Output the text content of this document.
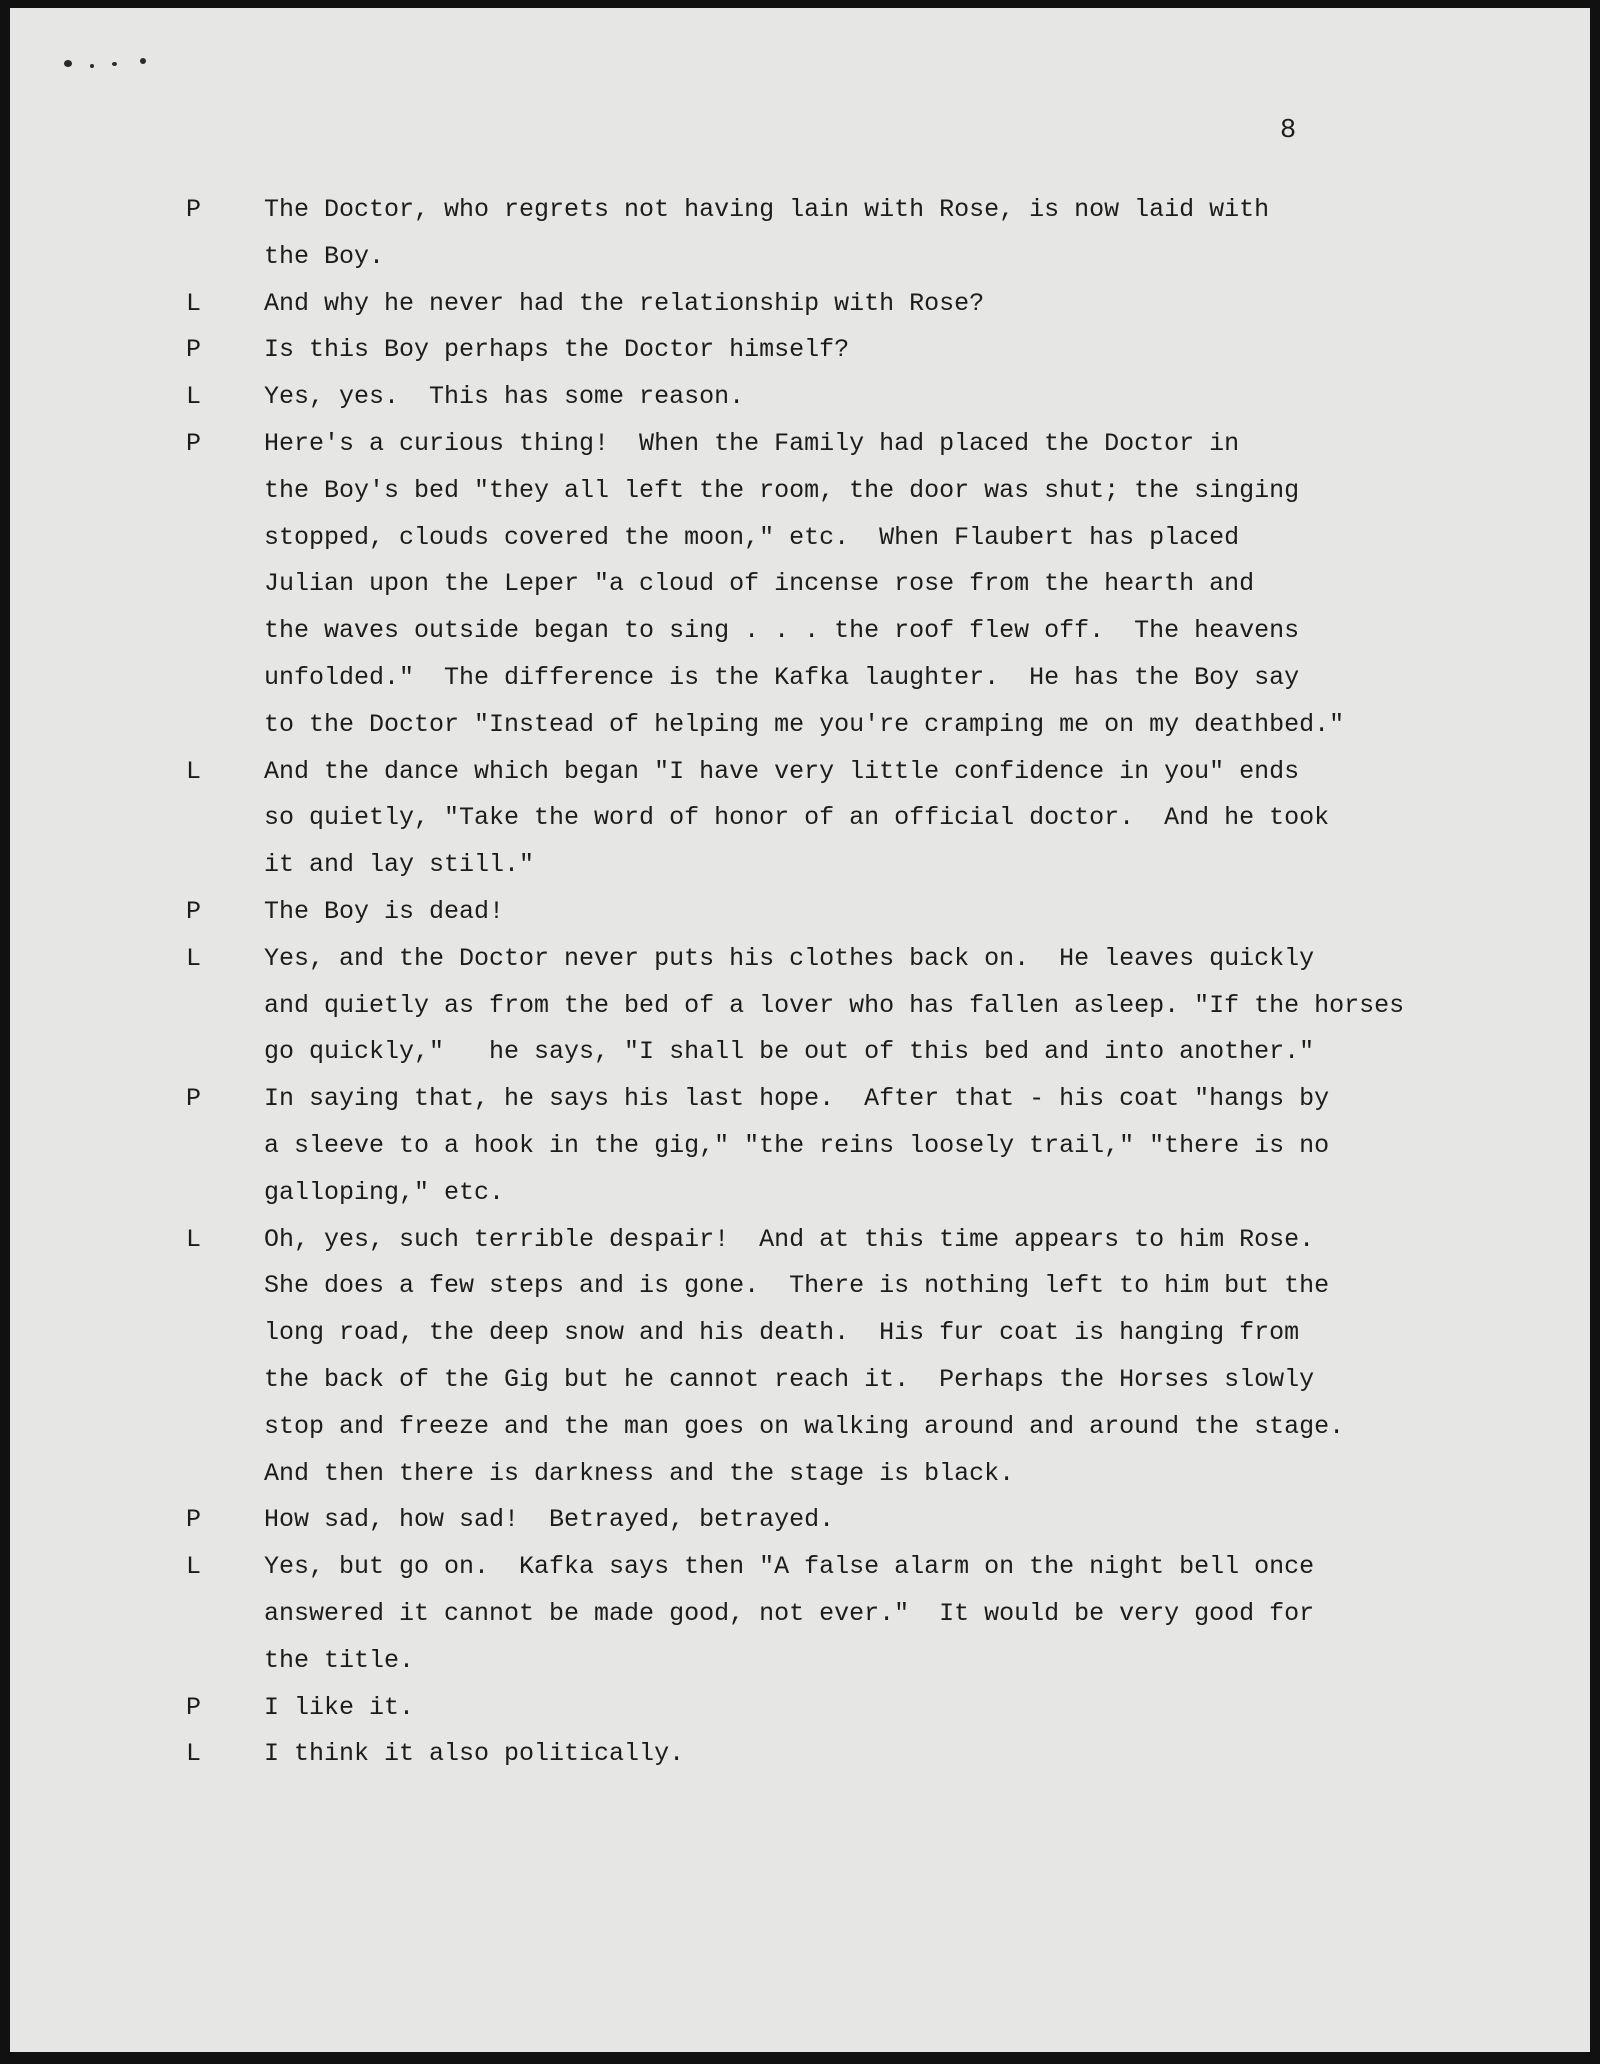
8
P	The Doctor, who regrets not having lain with Rose, is now laid with
the Boy.
L	And why he never had the relationship with Rose?
P	Is this Boy perhaps the Doctor himself?
L	Yes, yes.  This has some reason.
P	Here's a curious thing!  When the Family had placed the Doctor in
the Boy's bed "they all left the room, the door was shut; the singing
stopped, clouds covered the moon," etc.  When Flaubert has placed
Julian upon the Leper "a cloud of incense rose from the hearth and
the waves outside began to sing . . . the roof flew off.  The heavens
unfolded."  The difference is the Kafka laughter.  He has the Boy say
to the Doctor "Instead of helping me you're cramping me on my deathbed."
L	And the dance which began "I have very little confidence in you" ends
so quietly, "Take the word of honor of an official doctor.  And he took
it and lay still."
P	The Boy is dead!
L	Yes, and the Doctor never puts his clothes back on.  He leaves quickly
and quietly as from the bed of a lover who has fallen asleep. "If the horses
go quickly,"   he says, "I shall be out of this bed and into another."
P	In saying that, he says his last hope.  After that - his coat "hangs by
a sleeve to a hook in the gig," "the reins loosely trail," "there is no
galloping," etc.
L	Oh, yes, such terrible despair!  And at this time appears to him Rose.
She does a few steps and is gone.  There is nothing left to him but the
long road, the deep snow and his death.  His fur coat is hanging from
the back of the Gig but he cannot reach it.  Perhaps the Horses slowly
stop and freeze and the man goes on walking around and around the stage.
And then there is darkness and the stage is black.
P	How sad, how sad!  Betrayed, betrayed.
L	Yes, but go on.  Kafka says then "A false alarm on the night bell once
answered it cannot be made good, not ever."  It would be very good for
the title.
P	I like it.
L	I think it also politically.
